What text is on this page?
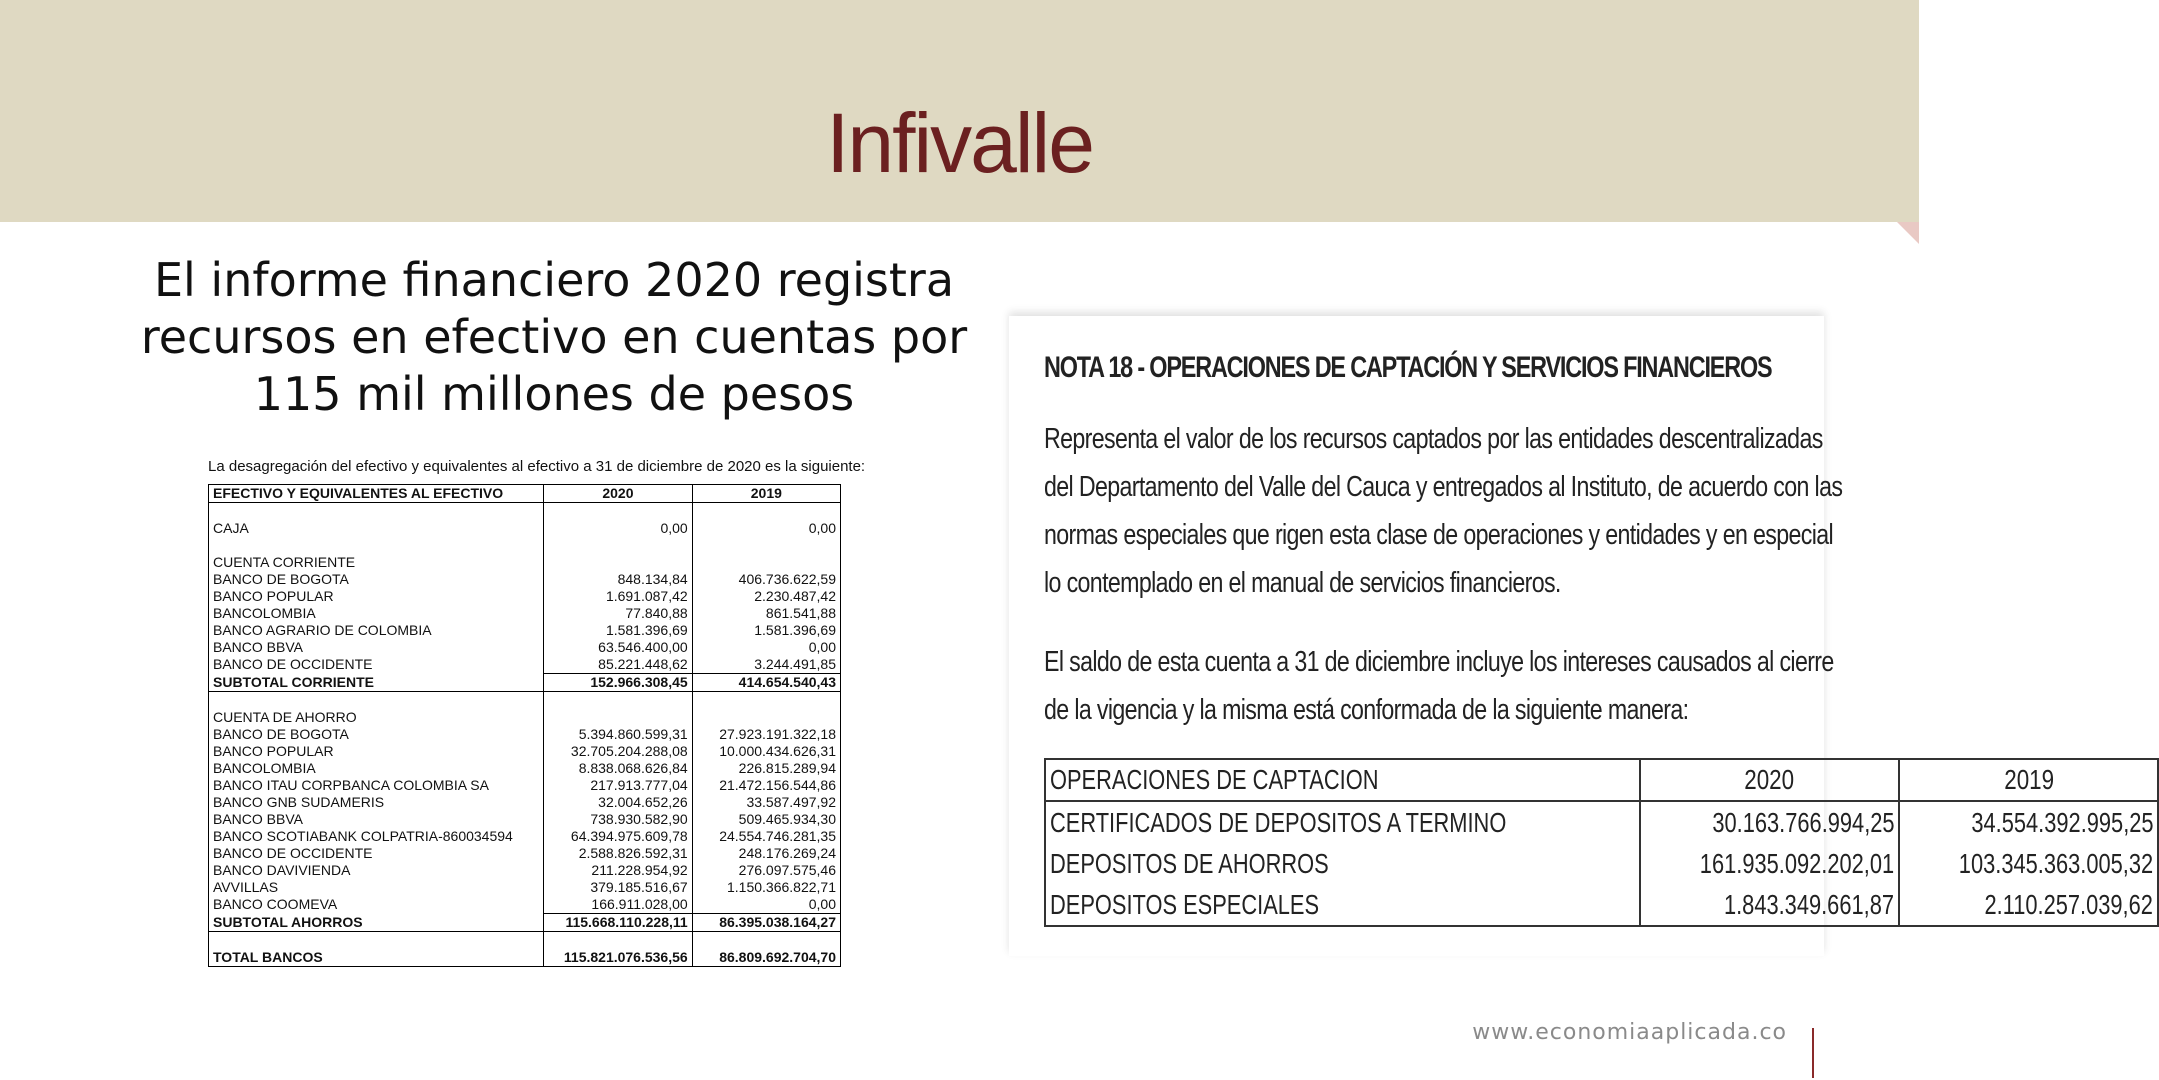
Infivalle
El informe financiero 2020 registra recursos en efectivo en cuentas por 115 mil millones de pesos
La desagregación del efectivo y equivalentes al efectivo a 31 de diciembre de 2020 es la siguiente:
EFECTIVO Y EQUIVALENTES AL EFECTIVO	2020	2019

CAJA	0,00	0,00

CUENTA CORRIENTE		
BANCO DE BOGOTA	848.134,84	406.736.622,59
BANCO POPULAR	1.691.087,42	2.230.487,42
BANCOLOMBIA	77.840,88	861.541,88
BANCO AGRARIO DE COLOMBIA	1.581.396,69	1.581.396,69
BANCO BBVA	63.546.400,00	0,00
BANCO DE OCCIDENTE	85.221.448,62	3.244.491,85
SUBTOTAL CORRIENTE	152.966.308,45	414.654.540,43

CUENTA DE AHORRO		
BANCO DE BOGOTA	5.394.860.599,31	27.923.191.322,18
BANCO POPULAR	32.705.204.288,08	10.000.434.626,31
BANCOLOMBIA	8.838.068.626,84	226.815.289,94
BANCO ITAU CORPBANCA COLOMBIA SA	217.913.777,04	21.472.156.544,86
BANCO GNB SUDAMERIS	32.004.652,26	33.587.497,92
BANCO BBVA	738.930.582,90	509.465.934,30
BANCO SCOTIABANK COLPATRIA-860034594	64.394.975.609,78	24.554.746.281,35
BANCO DE OCCIDENTE	2.588.826.592,31	248.176.269,24
BANCO DAVIVIENDA	211.228.954,92	276.097.575,46
AVVILLAS	379.185.516,67	1.150.366.822,71
BANCO COOMEVA	166.911.028,00	0,00
SUBTOTAL AHORROS	115.668.110.228,11	86.395.038.164,27

TOTAL BANCOS	115.821.076.536,56	86.809.692.704,70
NOTA 18 - OPERACIONES DE CAPTACIÓN Y SERVICIOS FINANCIEROS
Representa el valor de los recursos captados por las entidades descentralizadas
del Departamento del Valle del Cauca y entregados al Instituto, de acuerdo con las
normas especiales que rigen esta clase de operaciones y entidades y en especial
lo contemplado en el manual de servicios financieros.
El saldo de esta cuenta a 31 de diciembre incluye los intereses causados al cierre
de la vigencia y la misma está conformada de la siguiente manera:
OPERACIONES DE CAPTACION	2020	2019
CERTIFICADOS DE DEPOSITOS A TERMINO	30.163.766.994,25	34.554.392.995,25
DEPOSITOS DE AHORROS	161.935.092.202,01	103.345.363.005,32
DEPOSITOS ESPECIALES	1.843.349.661,87	2.110.257.039,62
www.economiaaplicada.co
